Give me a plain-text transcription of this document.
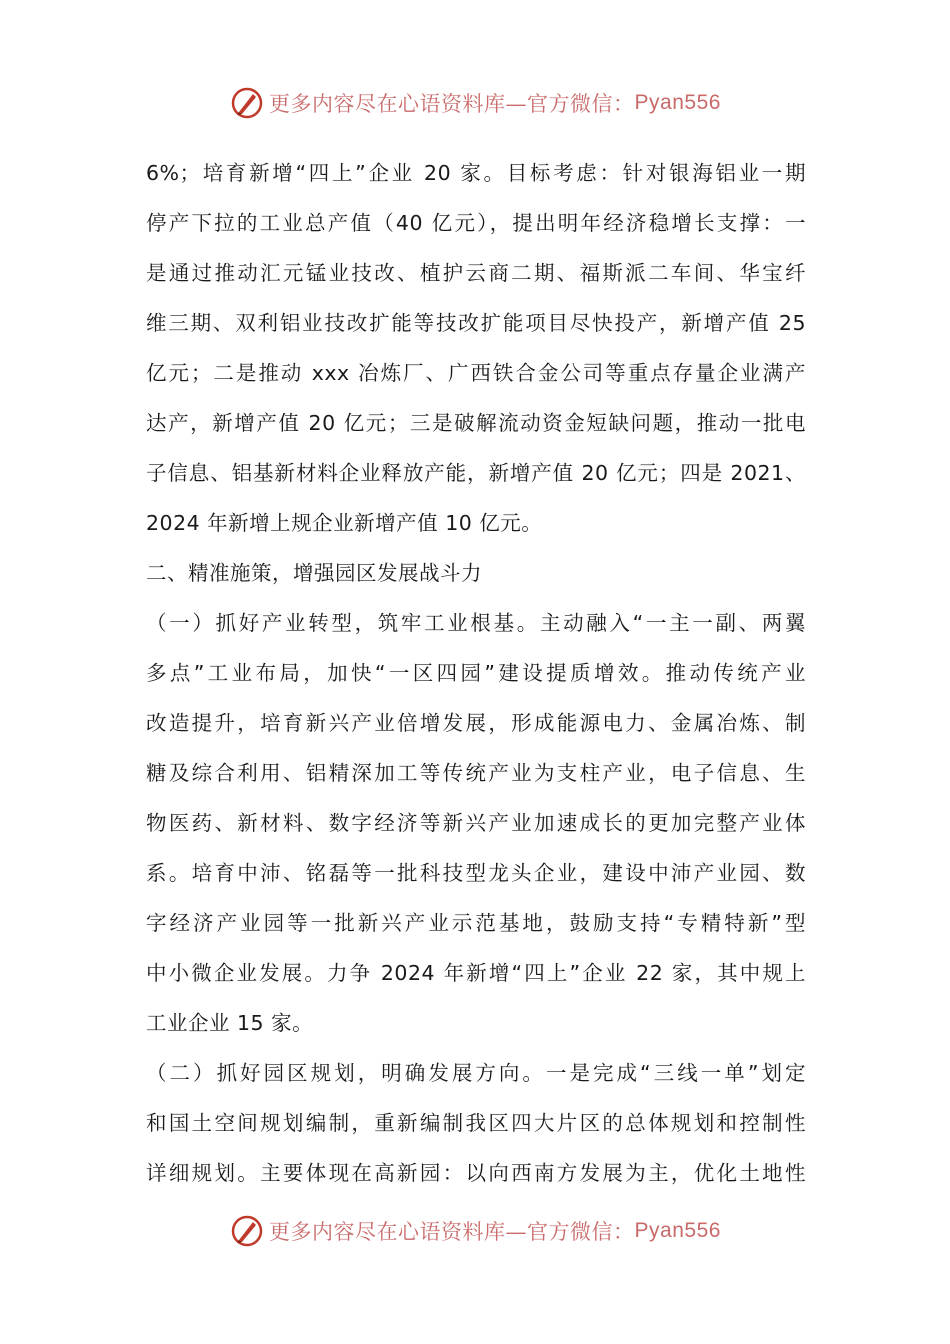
更多内容尽在心语资料库—官方微信： Pyan556
6%；培育新增“四上”企业 20 家。目标考虑：针对银海铝业一期
停产下拉的工业总产值（40 亿元），提出明年经济稳增长支撑：一
是通过推动汇元锰业技改、植护云商二期、福斯派二车间、华宝纤
维三期、双利铝业技改扩能等技改扩能项目尽快投产，新增产值 25
亿元；二是推动 xxx 冶炼厂、广西铁合金公司等重点存量企业满产
达产，新增产值 20 亿元；三是破解流动资金短缺问题，推动一批电
子信息、铝基新材料企业释放产能，新增产值 20 亿元；四是 2021、
2024 年新增上规企业新增产值 10 亿元。
二、精准施策，增强园区发展战斗力
（一）抓好产业转型，筑牢工业根基。主动融入“一主一副、两翼
多点”工业布局，加快“一区四园”建设提质增效。推动传统产业
改造提升，培育新兴产业倍增发展，形成能源电力、金属冶炼、制
糖及综合利用、铝精深加工等传统产业为支柱产业，电子信息、生
物医药、新材料、数字经济等新兴产业加速成长的更加完整产业体
系。培育中沛、铭磊等一批科技型龙头企业，建设中沛产业园、数
字经济产业园等一批新兴产业示范基地，鼓励支持“专精特新”型
中小微企业发展。力争 2024 年新增“四上”企业 22 家，其中规上
工业企业 15 家。
（二）抓好园区规划，明确发展方向。一是完成“三线一单”划定
和国土空间规划编制，重新编制我区四大片区的总体规划和控制性
详细规划。主要体现在高新园：以向西南方发展为主，优化土地性
更多内容尽在心语资料库—官方微信： Pyan556
